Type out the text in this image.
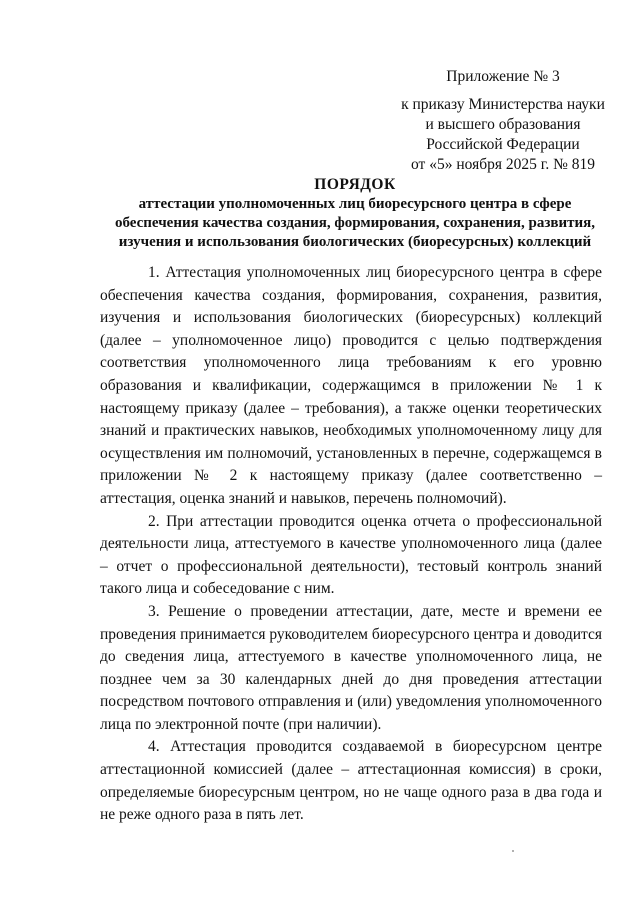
Приложение № 3
к приказу Министерства науки
и высшего образования
Российской Федерации
от «5» ноября 2025 г. № 819
ПОРЯДОК
аттестации уполномоченных лиц биоресурсного центра в сфере обеспечения качества создания, формирования, сохранения, развития, изучения и использования биологических (биоресурсных) коллекций

1. Аттестация уполномоченных лиц биоресурсного центра в сфере обеспечения качества создания, формирования, сохранения, развития, изучения и использования биологических (биоресурсных) коллекций (далее – уполномоченное лицо) проводится с целью подтверждения соответствия уполномоченного лица требованиям к его уровню образования и квалификации, содержащимся в приложении № 1 к настоящему приказу (далее – требования), а также оценки теоретических знаний и практических навыков, необходимых уполномоченному лицу для осуществления им полномочий, установленных в перечне, содержащемся в приложении № 2 к настоящему приказу (далее соответственно – аттестация, оценка знаний и навыков, перечень полномочий).

2. При аттестации проводится оценка отчета о профессиональной деятельности лица, аттестуемого в качестве уполномоченного лица (далее – отчет о профессиональной деятельности), тестовый контроль знаний такого лица и собеседование с ним.

3. Решение о проведении аттестации, дате, месте и времени ее проведения принимается руководителем биоресурсного центра и доводится до сведения лица, аттестуемого в качестве уполномоченного лица, не позднее чем за 30 календарных дней до дня проведения аттестации посредством почтового отправления и (или) уведомления уполномоченного лица по электронной почте (при наличии).

4. Аттестация проводится создаваемой в биоресурсном центре аттестационной комиссией (далее – аттестационная комиссия) в сроки, определяемые биоресурсным центром, но не чаще одного раза в два года и не реже одного раза в пять лет.
